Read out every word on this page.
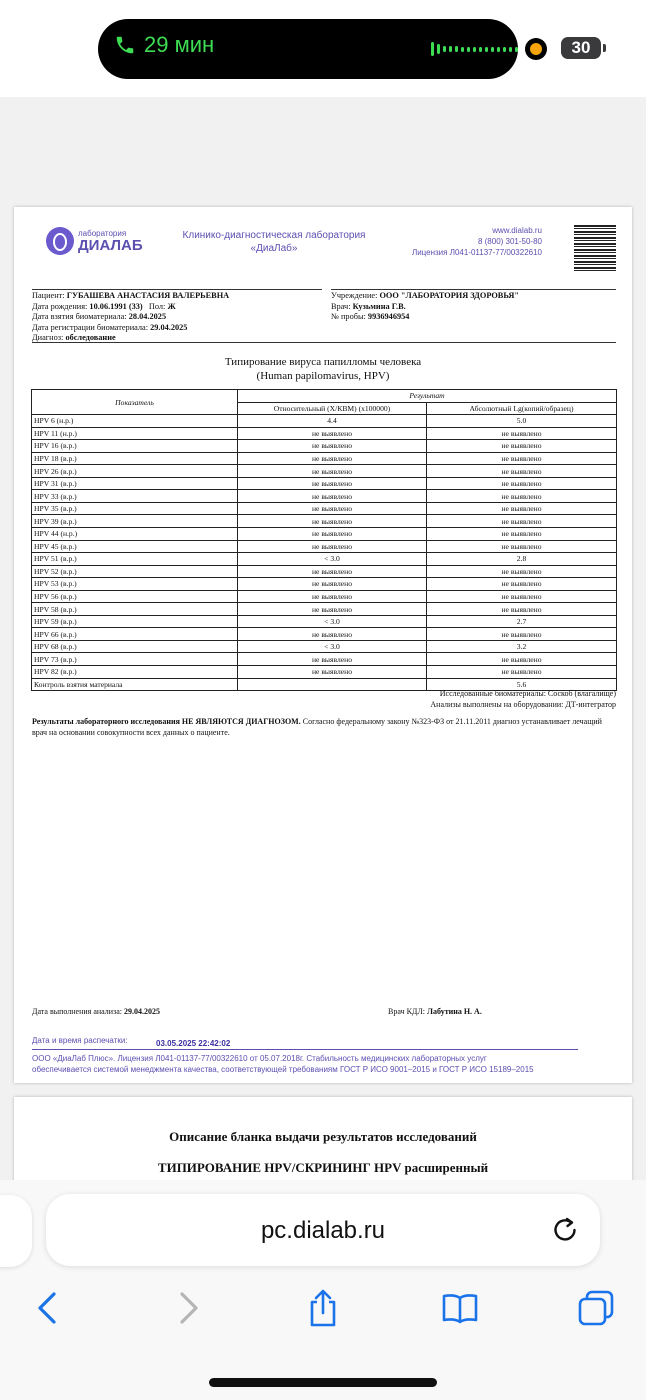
29 мин	30
лаборатория
ДИАЛАБ
Клинико-диагностическая лаборатория
«ДиаЛаб»
www.dialab.ru
8 (800) 301-50-80
Лицензия Л041-01137-77/00322610
Пациент: ГУБАШЕВА АНАСТАСИЯ ВАЛЕРЬЕВНА
Дата рождения: 10.06.1991 (33) Пол: Ж
Дата взятия биоматериала: 28.04.2025
Дата регистрации биоматериала: 29.04.2025
Диагноз: обследование
Учреждение: ООО "ЛАБОРАТОРИЯ ЗДОРОВЬЯ"
Врач: Кузьмина Г.В.
№ пробы: 9936946954
Типирование вируса папилломы человека
(Human papilomavirus, HPV)
Показатель	Результат	
	Относительный (X/КВМ) (x100000)	Абсолютный Lg(копий/образец)
HPV 6 (н.р.)	4.4	5.0
HPV 11 (н.р.)	не выявлено	не выявлено
HPV 16 (в.р.)	не выявлено	не выявлено
HPV 18 (в.р.)	не выявлено	не выявлено
HPV 26 (в.р.)	не выявлено	не выявлено
HPV 31 (в.р.)	не выявлено	не выявлено
HPV 33 (в.р.)	не выявлено	не выявлено
HPV 35 (в.р.)	не выявлено	не выявлено
HPV 39 (в.р.)	не выявлено	не выявлено
HPV 44 (н.р.)	не выявлено	не выявлено
HPV 45 (в.р.)	не выявлено	не выявлено
HPV 51 (в.р.)	< 3.0	2.8
HPV 52 (в.р.)	не выявлено	не выявлено
HPV 53 (в.р.)	не выявлено	не выявлено
HPV 56 (в.р.)	не выявлено	не выявлено
HPV 58 (в.р.)	не выявлено	не выявлено
HPV 59 (в.р.)	< 3.0	2.7
HPV 66 (в.р.)	не выявлено	не выявлено
HPV 68 (в.р.)	< 3.0	3.2
HPV 73 (в.р.)	не выявлено	не выявлено
HPV 82 (в.р.)	не выявлено	не выявлено
Контроль взятия материала		5.6
Исследованные биоматериалы: Соскоб (влагалище)
Анализы выполнены на оборудовании: ДТ-интегратор
Результаты лабораторного исследования НЕ ЯВЛЯЮТСЯ ДИАГНОЗОМ. Согласно федеральному закону №323-ФЗ от 21.11.2011 диагноз устанавливает лечащий врач на основании совокупности всех данных о пациенте.
Дата выполнения анализа: 29.04.2025	Врач КДЛ: Лабутина Н. А.
Дата и время распечатки:	03.05.2025 22:42:02
ООО «ДиаЛаб Плюс». Лицензия Л041-01137-77/00322610 от 05.07.2018г. Стабильность медицинских лабораторных услуг
обеспечивается системой менеджмента качества, соответствующей требованиям ГОСТ Р ИСО 9001–2015 и ГОСТ Р ИСО 15189–2015
Описание бланка выдачи результатов исследований
ТИПИРОВАНИЕ HPV/СКРИНИНГ HPV расширенный
pc.dialab.ru
